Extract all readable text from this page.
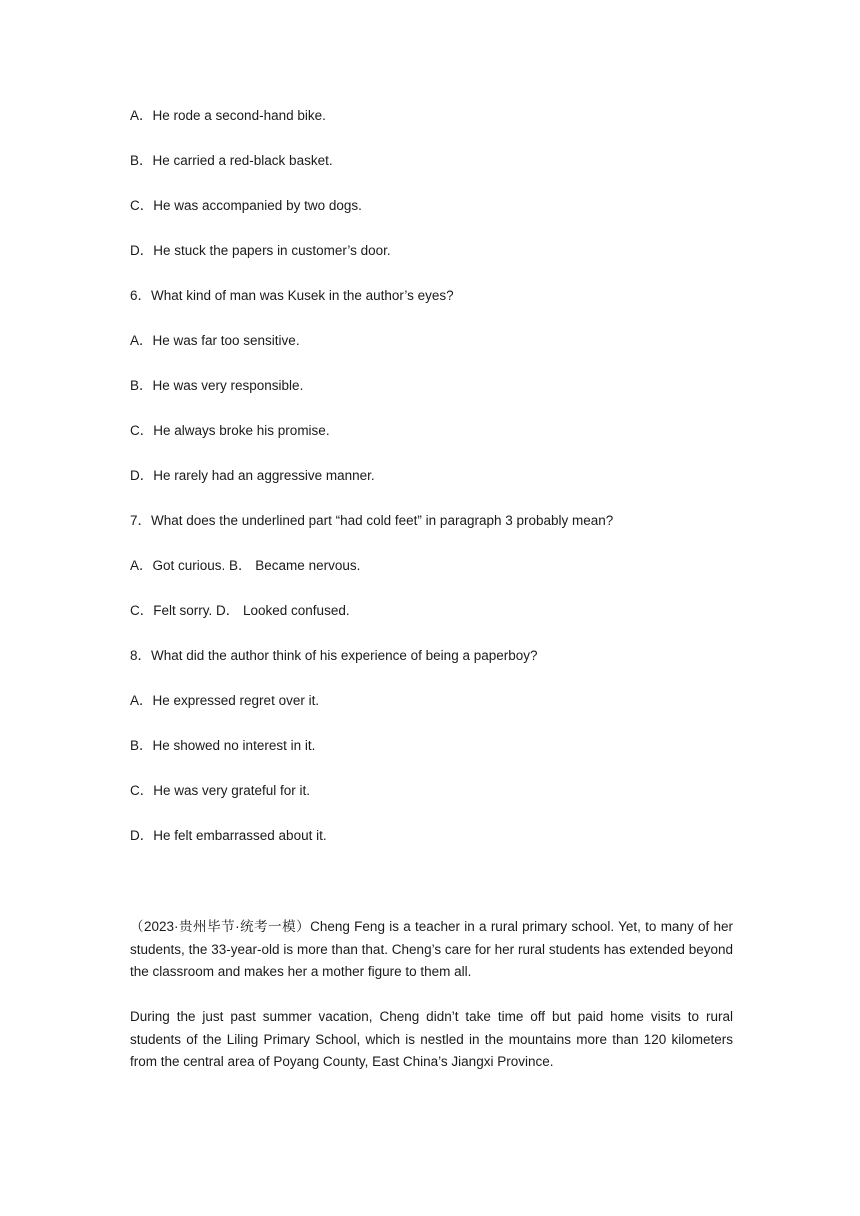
A．He rode a second-hand bike.
B．He carried a red-black basket.
C．He was accompanied by two dogs.
D．He stuck the papers in customer’s door.
6．What kind of man was Kusek in the author’s eyes?
A．He was far too sensitive.
B．He was very responsible.
C．He always broke his promise.
D．He rarely had an aggressive manner.
7．What does the underlined part “had cold feet” in paragraph 3 probably mean?
A．Got curious. B． Became nervous.
C．Felt sorry. D． Looked confused.
8．What did the author think of his experience of being a paperboy?
A．He expressed regret over it.
B．He showed no interest in it.
C．He was very grateful for it.
D．He felt embarrassed about it.
（2023·贵州毕节·统考一模）Cheng Feng is a teacher in a rural primary school. Yet, to many of her students, the 33-year-old is more than that. Cheng’s care for her rural students has extended beyond the classroom and makes her a mother figure to them all.
During the just past summer vacation, Cheng didn’t take time off but paid home visits to rural students of the Liling Primary School, which is nestled in the mountains more than 120 kilometers from the central area of Poyang County, East China’s Jiangxi Province.
